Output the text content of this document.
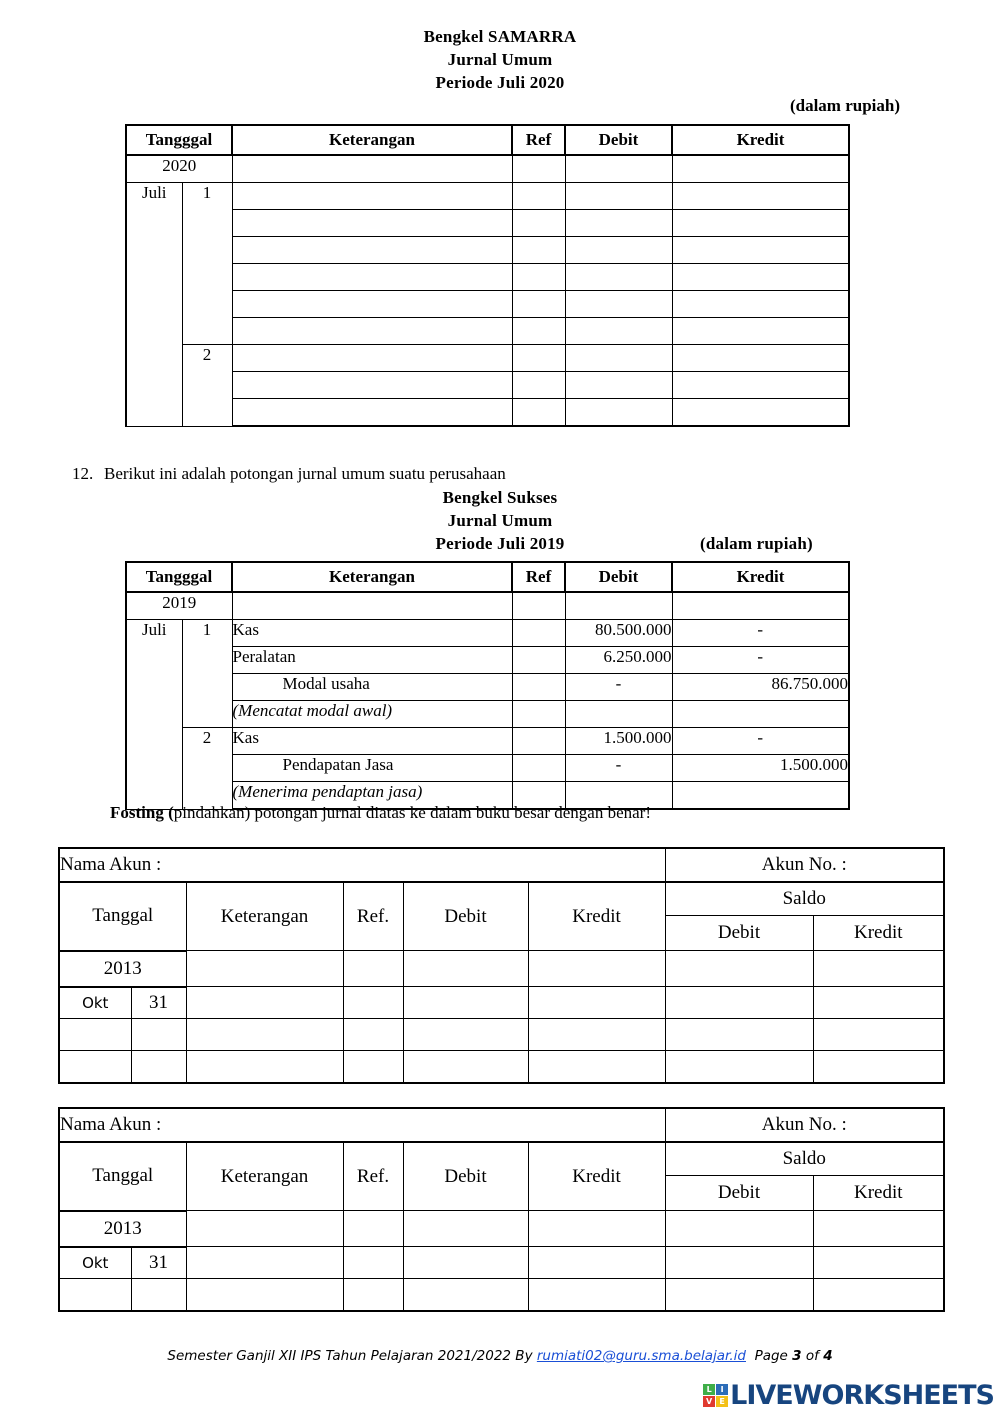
Bengkel SAMARRA
Jurnal Umum
Periode Juli 2020
(dalam rupiah)
Tangggal		Keterangan	Ref	Debit	Kredit
2020					
Juli	1				

	2				

12. Berikut ini adalah potongan jurnal umum suatu perusahaan
Bengkel Sukses
Jurnal Umum
Periode Juli 2019	(dalam rupiah)
Tangggal		Keterangan	Ref	Debit	Kredit
2019					
Juli	1	Kas		80.500.000	-
		Peralatan		6.250.000	-
		Modal usaha		-	86.750.000
		(Mencatat modal awal)			
	2	Kas		1.500.000	-
		Pendapatan Jasa		-	1.500.000
		(Menerima pendaptan jasa)			
Fosting (pindahkan) potongan jurnal diatas ke dalam buku besar dengan benar!
Nama Akun :						Akun No. :	
Tanggal		Keterangan	Ref.	Debit	Kredit	Saldo	
						Debit	Kredit
2013							
Okt	31						

Nama Akun :						Akun No. :	
Tanggal		Keterangan	Ref.	Debit	Kredit	Saldo	
						Debit	Kredit
2013							
Okt	31						

Semester Ganjil XII IPS Tahun Pelajaran 2021/2022 By rumiati02@guru.sma.belajar.id Page 3 of 4
L	I
V E LIVEWORKSHEETS
